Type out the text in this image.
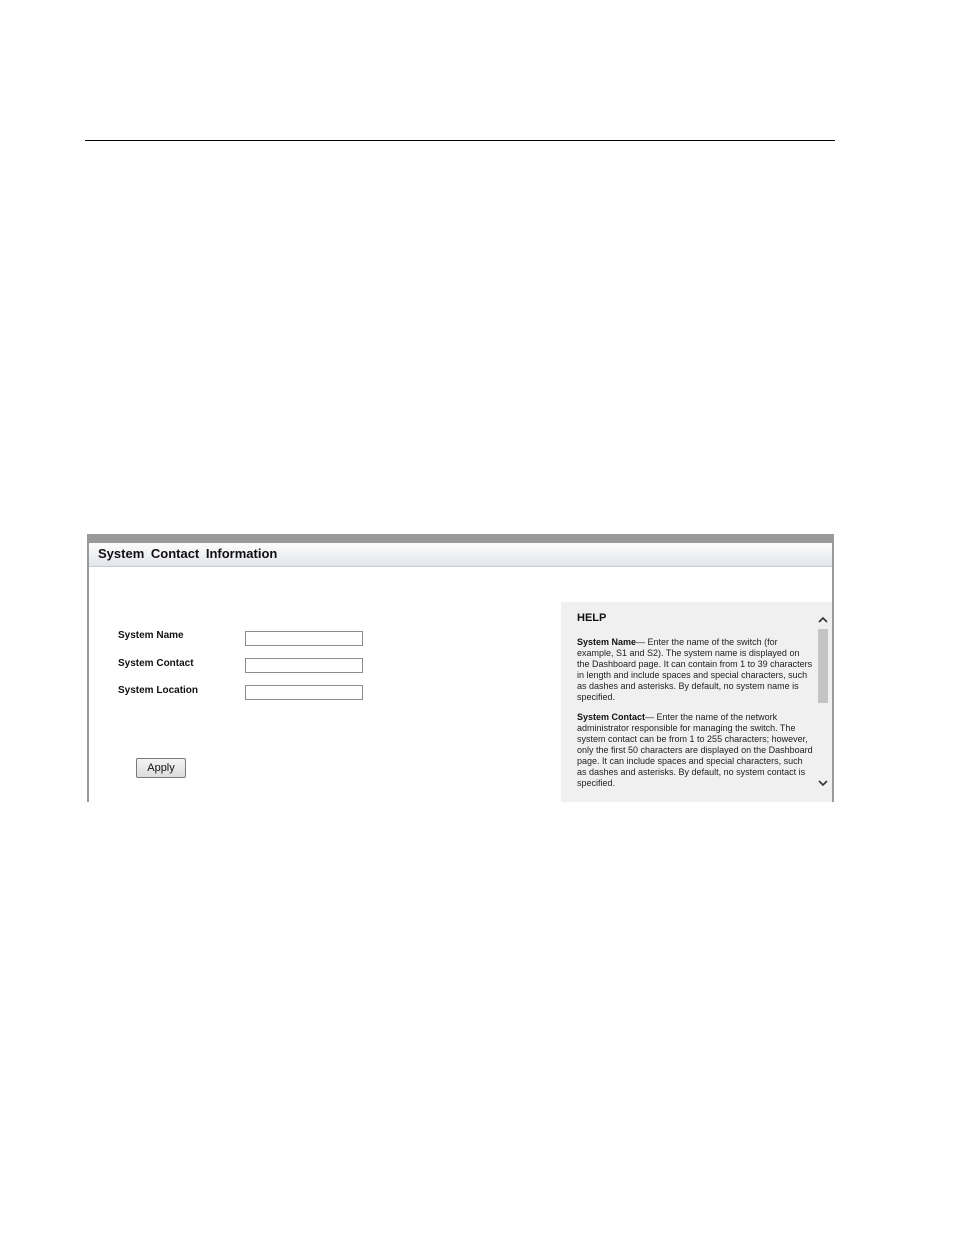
System Contact Information
System Name
System Contact
System Location
Apply
HELP

System Name— Enter the name of the switch (for example, S1 and S2). The system name is displayed on the Dashboard page. It can contain from 1 to 39 characters in length and include spaces and special characters, such as dashes and asterisks. By default, no system name is specified.

System Contact— Enter the name of the network administrator responsible for managing the switch. The system contact can be from 1 to 255 characters; however, only the first 50 characters are displayed on the Dashboard page. It can include spaces and special characters, such as dashes and asterisks. By default, no system contact is specified.
